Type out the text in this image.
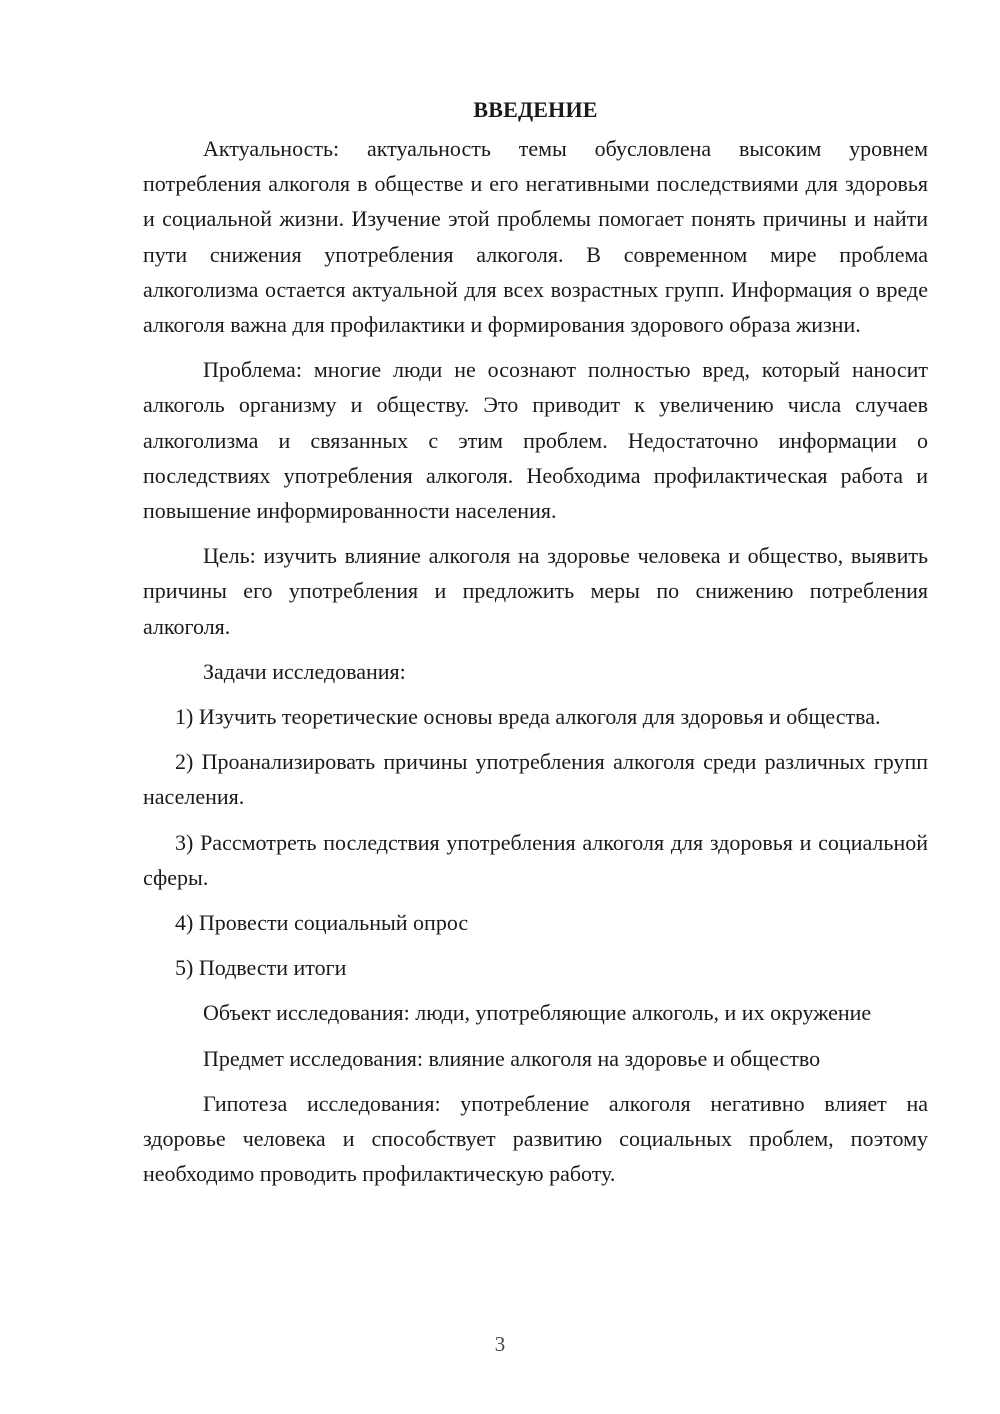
ВВЕДЕНИЕ

Актуальность: актуальность темы обусловлена высоким уровнем потребления алкоголя в обществе и его негативными последствиями для здоровья и социальной жизни. Изучение этой проблемы помогает понять причины и найти пути снижения употребления алкоголя. В современном мире проблема алкоголизма остается актуальной для всех возрастных групп. Информация о вреде алкоголя важна для профилактики и формирования здорового образа жизни.

Проблема: многие люди не осознают полностью вред, который наносит алкоголь организму и обществу. Это приводит к увеличению числа случаев алкоголизма и связанных с этим проблем. Недостаточно информации о последствиях употребления алкоголя. Необходима профилактическая работа и повышение информированности населения.

Цель: изучить влияние алкоголя на здоровье человека и общество, выявить причины его употребления и предложить меры по снижению потребления алкоголя.

Задачи исследования:

1) Изучить теоретические основы вреда алкоголя для здоровья и общества.

2) Проанализировать причины употребления алкоголя среди различных групп населения.

3) Рассмотреть последствия употребления алкоголя для здоровья и социальной сферы.

4) Провести социальный опрос

5) Подвести итоги

Объект исследования: люди, употребляющие алкоголь, и их окружение

Предмет исследования: влияние алкоголя на здоровье и общество

Гипотеза исследования: употребление алкоголя негативно влияет на здоровье человека и способствует развитию социальных проблем, поэтому необходимо проводить профилактическую работу.

3
